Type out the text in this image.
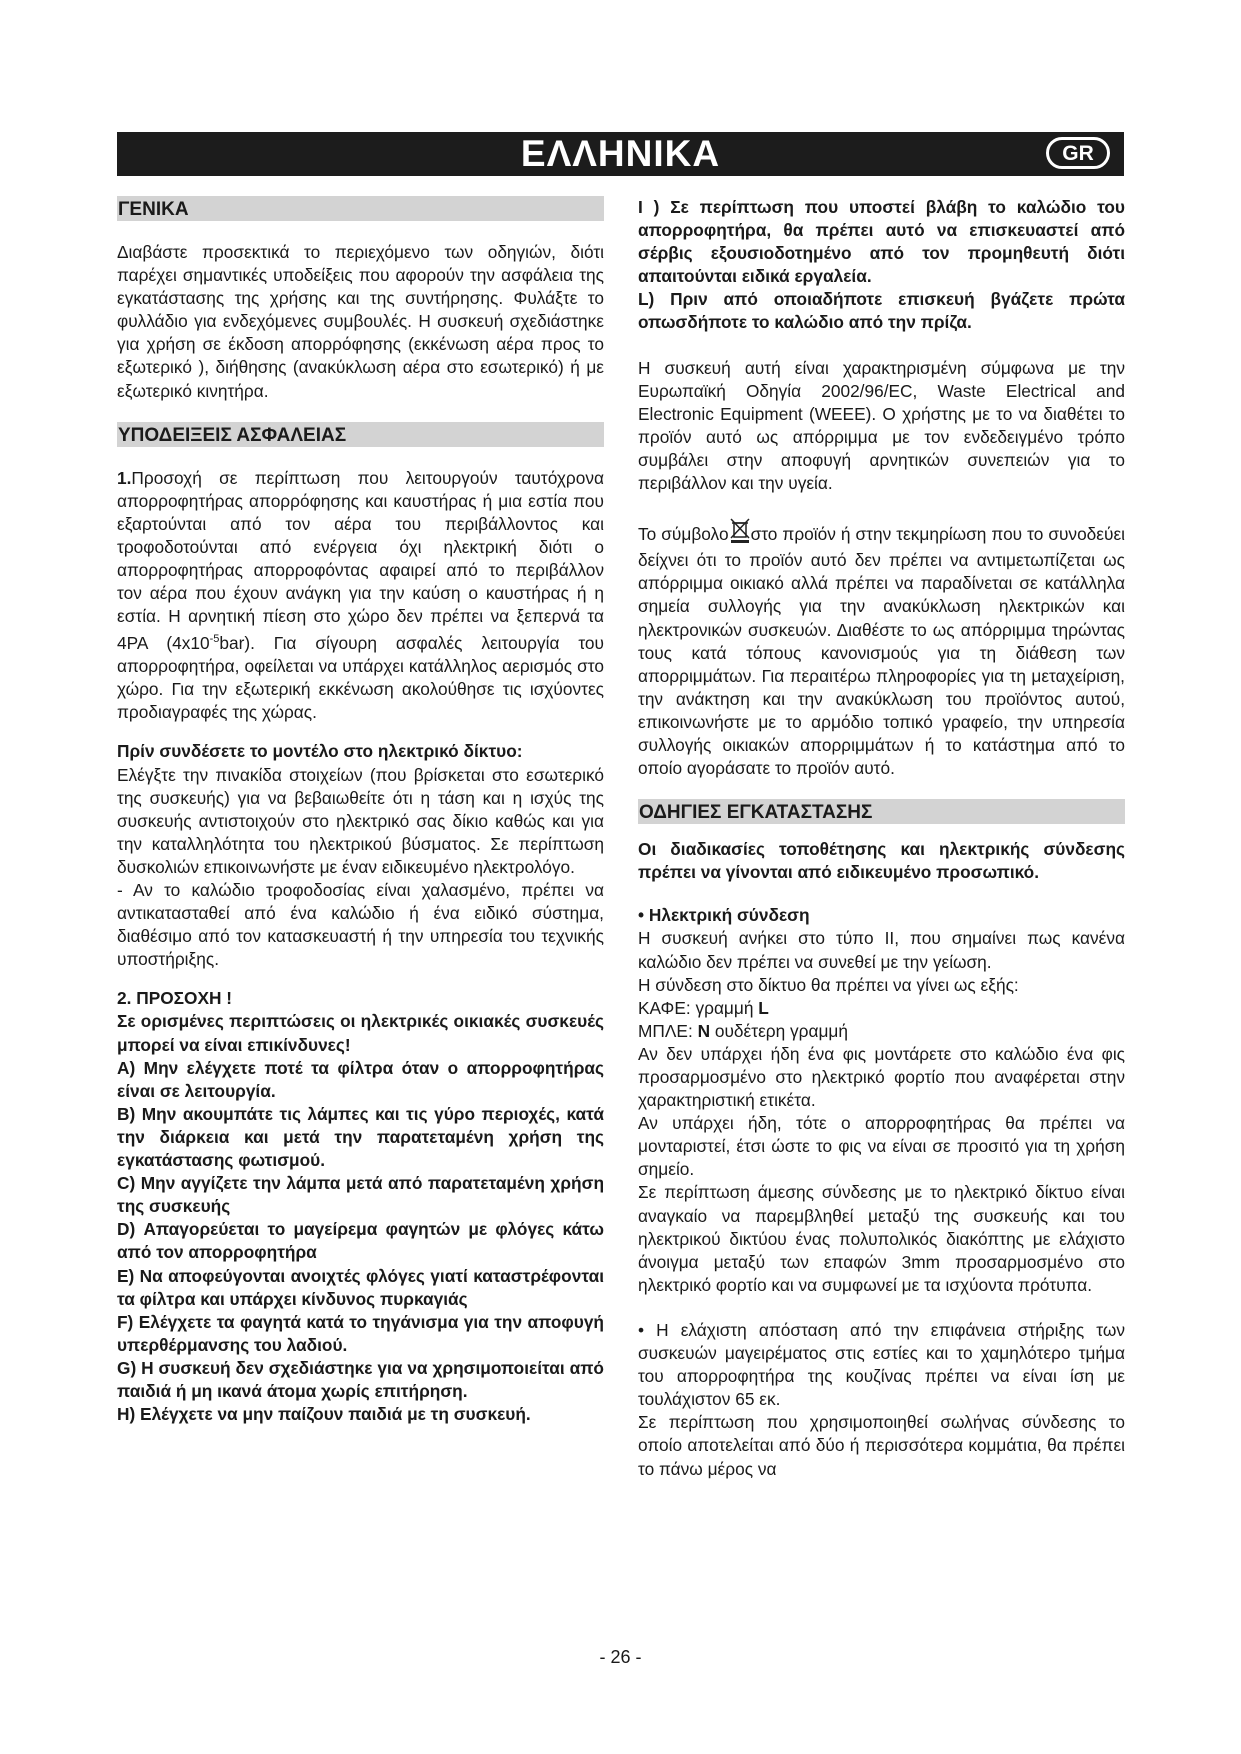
ΕΛΛΗΝΙΚΑ	GR
ΓΕΝΙΚΑ

Διαβάστε προσεκτικά το περιεχόμενο των οδηγιών, διότι παρέχει σημαντικές υποδείξεις που αφορούν την ασφάλεια της εγκατάστασης της χρήσης και της συντήρησης. Φυλάξτε το φυλλάδιο για ενδεχόμενες συμβουλές. Η συσκευή σχεδιάστηκε για χρήση σε έκδοση απορρόφησης (εκκένωση αέρα προς το εξωτερικό ), διήθησης (ανακύκλωση αέρα στο εσωτερικό) ή με εξωτερικό κινητήρα.

ΥΠΟΔΕΙΞΕΙΣ ΑΣΦΑΛΕΙΑΣ

1.Προσοχή σε περίπτωση που λειτουργούν ταυτόχρονα απορροφητήρας απορρόφησης και καυστήρας ή μια εστία που εξαρτούνται από τον αέρα του περιβάλλοντος και τροφοδοτούνται από ενέργεια όχι ηλεκτρική διότι ο απορροφητήρας απορροφόντας αφαιρεί από το περιβάλλον τον αέρα που έχουν ανάγκη για την καύση ο καυστήρας ή η εστία. Η αρνητική πίεση στο χώρο δεν πρέπει να ξεπερνά τα 4PA $(4x10^{-5}bar)$. Για σίγουρη ασφαλές λειτουργία του απορροφητήρα, οφείλεται να υπάρχει κατάλληλος αερισμός στο χώρο. Για την εξωτερική εκκένωση ακολούθησε τις ισχύοντες προδιαγραφές της χώρας.

Πρίν συνδέσετε το μοντέλο στο ηλεκτρικό δίκτυο:

Ελέγξτε την πινακίδα στοιχείων (που βρίσκεται στο εσωτερικό της συσκευής) για να βεβαιωθείτε ότι η τάση και η ισχύς της συσκευής αντιστοιχούν στο ηλεκτρικό σας δίκιο καθώς και για την καταλληλότητα του ηλεκτρικού βύσματος. Σε περίπτωση δυσκολιών επικοινωνήστε με έναν ειδικευμένο ηλεκτρολόγο.

- Αν το καλώδιο τροφοδοσίας είναι χαλασμένο, πρέπει να αντικατασταθεί από ένα καλώδιο ή ένα ειδικό σύστημα, διαθέσιμο από τον κατασκευαστή ή την υπηρεσία του τεχνικής υποστήριξης.

2. ΠΡΟΣΟΧΗ !

Σε ορισμένες περιπτώσεις οι ηλεκτρικές οικιακές συσκευές μπορεί να είναι επικίνδυνες!

A) Μην ελέγχετε ποτέ τα φίλτρα όταν ο απορροφητήρας είναι σε λειτουργία.

B) Μην ακουμπάτε τις λάμπες και τις γύρο περιοχές, κατά την διάρκεια και μετά την παρατεταμένη χρήση της εγκατάστασης φωτισμού.

C) Μην αγγίζετε την λάμπα μετά από παρατεταμένη χρήση της συσκευής

D) Απαγορεύεται το μαγείρεμα φαγητών με φλόγες κάτω από τον απορροφητήρα

E) Να αποφεύγονται ανοιχτές φλόγες γιατί καταστρέφονται τα φίλτρα και υπάρχει κίνδυνος πυρκαγιάς

F) Ελέγχετε τα φαγητά κατά το τηγάνισμα για την αποφυγή υπερθέρμανσης του λαδιού.

G) Η συσκευή δεν σχεδιάστηκε για να χρησιμοποιείται από παιδιά ή μη ικανά άτομα χωρίς επιτήρηση.

H) Ελέγχετε να μην παίζουν παιδιά με τη συσκευή.

I ) Σε περίπτωση που υποστεί βλάβη το καλώδιο του απορροφητήρα, θα πρέπει αυτό να επισκευαστεί από σέρβις εξουσιοδοτημένο από τον προμηθευτή διότι απαιτούνται ειδικά εργαλεία.

L) Πριν από οποιαδήποτε επισκευή βγάζετε πρώτα οπωσδήποτε το καλώδιο από την πρίζα.

Η συσκευή αυτή είναι χαρακτηρισμένη σύμφωνα με την Ευρωπαϊκή Οδηγία 2002/96/EC, Waste Electrical and Electronic Equipment (WEEE). Ο χρήστης με το να διαθέτει το προϊόν αυτό ως απόρριμμα με τον ενδεδειγμένο τρόπο συμβάλει στην αποφυγή αρνητικών συνεπειών για το περιβάλλον και την υγεία.

Το σύμβολο στο προϊόν ή στην τεκμηρίωση που το συνοδεύει δείχνει ότι το προϊόν αυτό δεν πρέπει να αντιμετωπίζεται ως απόρριμμα οικιακό αλλά πρέπει να παραδίνεται σε κατάλληλα σημεία συλλογής για την ανακύκλωση ηλεκτρικών και ηλεκτρονικών συσκευών. Διαθέστε το ως απόρριμμα τηρώντας τους κατά τόπους κανονισμούς για τη διάθεση των απορριμμάτων. Για περαιτέρω πληροφορίες για τη μεταχείριση, την ανάκτηση και την ανακύκλωση του προϊόντος αυτού, επικοινωνήστε με το αρμόδιο τοπικό γραφείο, την υπηρεσία συλλογής οικιακών απορριμμάτων ή το κατάστημα από το οποίο αγοράσατε το προϊόν αυτό.

ΟΔΗΓΙΕΣ ΕΓΚΑΤΑΣΤΑΣΗΣ

Οι διαδικασίες τοποθέτησης και ηλεκτρικής σύνδεσης πρέπει να γίνονται από ειδικευμένο προσωπικό.

• Ηλεκτρική σύνδεση

Η συσκευή ανήκει στο τύπο II, που σημαίνει πως κανένα καλώδιο δεν πρέπει να συνεθεί με την γείωση.

Η σύνδεση στο δίκτυο θα πρέπει να γίνει ως εξής:

ΚΑΦΕ: γραμμή L

ΜΠΛΕ: N ουδέτερη γραμμή

Αν δεν υπάρχει ήδη ένα φις μοντάρετε στο καλώδιο ένα φις προσαρμοσμένο στο ηλεκτρικό φορτίο που αναφέρεται στην χαρακτηριστική ετικέτα.

Αν υπάρχει ήδη, τότε ο απορροφητήρας θα πρέπει να μονταριστεί, έτσι ώστε το φις να είναι σε προσιτό για τη χρήση σημείο.

Σε περίπτωση άμεσης σύνδεσης με το ηλεκτρικό δίκτυο είναι αναγκαίο να παρεμβληθεί μεταξύ της συσκευής και του ηλεκτρικού δικτύου ένας πολυπολικός διακόπτης με ελάχιστο άνοιγμα μεταξύ των επαφών 3mm προσαρμοσμένο στο ηλεκτρικό φορτίο και να συμφωνεί με τα ισχύοντα πρότυπα.

• Η ελάχιστη απόσταση από την επιφάνεια στήριξης των συσκευών μαγειρέματος στις εστίες και το χαμηλότερο τμήμα του απορροφητήρα της κουζίνας πρέπει να είναι ίση με τουλάχιστον 65 εκ.

Σε περίπτωση που χρησιμοποιηθεί σωλήνας σύνδεσης το οποίο αποτελείται από δύο ή περισσότερα κομμάτια, θα πρέπει το πάνω μέρος να

- 26 -
